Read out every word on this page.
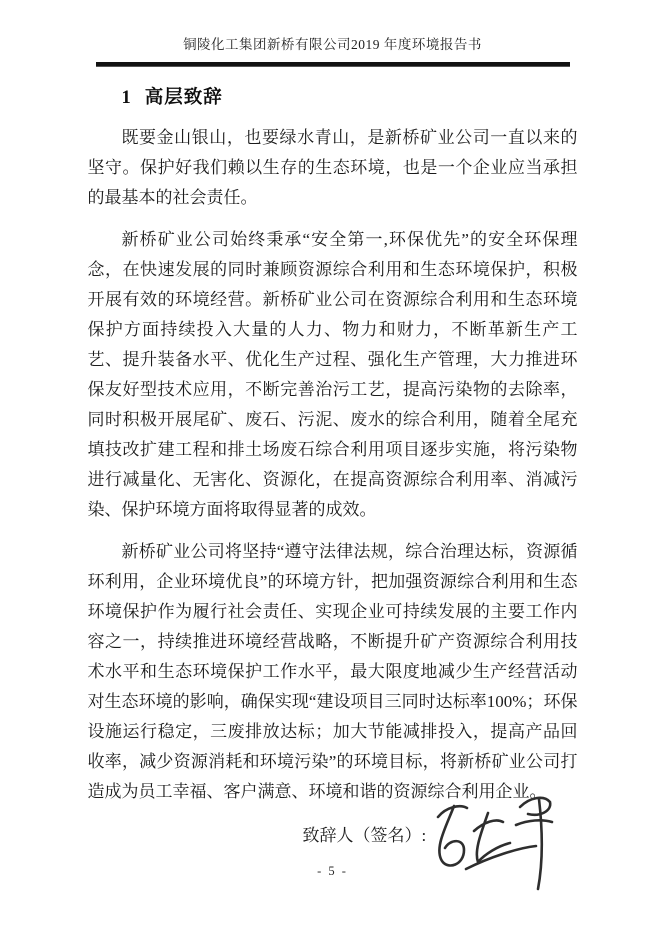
铜陵化工集团新桥有限公司2019 年度环境报告书
1 高层致辞

既要金山银山，也要绿水青山，是新桥矿业公司一直以来的坚守。保护好我们赖以生存的生态环境，也是一个企业应当承担的最基本的社会责任。

新桥矿业公司始终秉承“安全第一,环保优先”的安全环保理念，在快速发展的同时兼顾资源综合利用和生态环境保护，积极开展有效的环境经营。新桥矿业公司在资源综合利用和生态环境保护方面持续投入大量的人力、物力和财力，不断革新生产工艺、提升装备水平、优化生产过程、强化生产管理，大力推进环保友好型技术应用，不断完善治污工艺，提高污染物的去除率，同时积极开展尾矿、废石、污泥、废水的综合利用，随着全尾充填技改扩建工程和排土场废石综合利用项目逐步实施，将污染物进行减量化、无害化、资源化，在提高资源综合利用率、消减污染、保护环境方面将取得显著的成效。

新桥矿业公司将坚持“遵守法律法规，综合治理达标，资源循环利用，企业环境优良”的环境方针，把加强资源综合利用和生态环境保护作为履行社会责任、实现企业可持续发展的主要工作内容之一，持续推进环境经营战略，不断提升矿产资源综合利用技术水平和生态环境保护工作水平，最大限度地减少生产经营活动对生态环境的影响，确保实现“建设项目三同时达标率100%；环保设施运行稳定，三废排放达标；加大节能减排投入，提高产品回收率，减少资源消耗和环境污染”的环境目标，将新桥矿业公司打造成为员工幸福、客户满意、环境和谐的资源综合利用企业。

致辞人（签名）:
- 5 -
